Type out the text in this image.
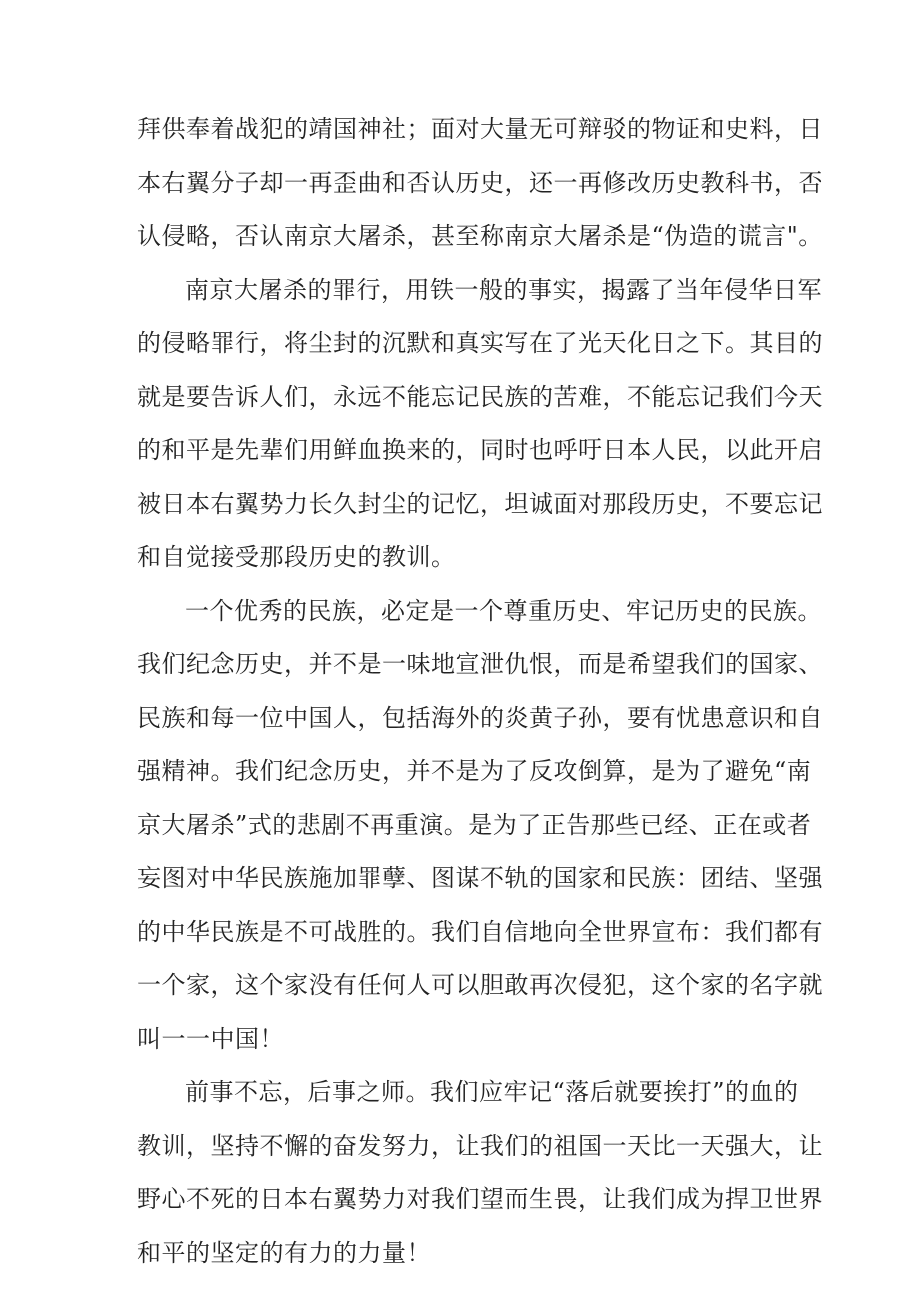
拜供奉着战犯的靖国神社；面对大量无可辩驳的物证和史料，日
本右翼分子却一再歪曲和否认历史，还一再修改历史教科书，否
认侵略，否认南京大屠杀，甚至称南京大屠杀是“伪造的谎言"。
南京大屠杀的罪行，用铁一般的事实，揭露了当年侵华日军
的侵略罪行，将尘封的沉默和真实写在了光天化日之下。其目的
就是要告诉人们，永远不能忘记民族的苦难，不能忘记我们今天
的和平是先辈们用鲜血换来的，同时也呼吁日本人民，以此开启
被日本右翼势力长久封尘的记忆，坦诚面对那段历史，不要忘记
和自觉接受那段历史的教训。
一个优秀的民族，必定是一个尊重历史、牢记历史的民族。
我们纪念历史，并不是一味地宣泄仇恨，而是希望我们的国家、
民族和每一位中国人，包括海外的炎黄子孙，要有忧患意识和自
强精神。我们纪念历史，并不是为了反攻倒算，是为了避免“南
京大屠杀”式的悲剧不再重演。是为了正告那些已经、正在或者
妄图对中华民族施加罪孽、图谋不轨的国家和民族：团结、坚强
的中华民族是不可战胜的。我们自信地向全世界宣布：我们都有
一个家，这个家没有任何人可以胆敢再次侵犯，这个家的名字就
叫一一中国！
前事不忘，后事之师。我们应牢记“落后就要挨打”的血的
教训，坚持不懈的奋发努力，让我们的祖国一天比一天强大，让
野心不死的日本右翼势力对我们望而生畏，让我们成为捍卫世界
和平的坚定的有力的力量！
